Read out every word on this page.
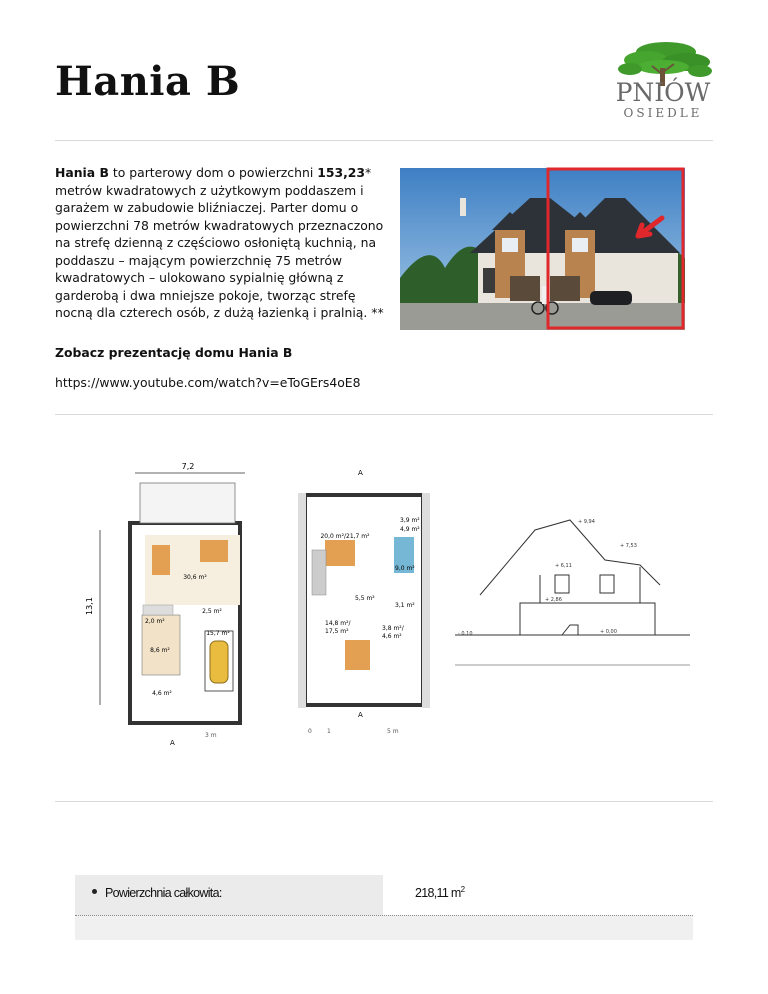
Hania B	PNIÓW
OSIEDLE
Hania B to parterowy dom o powierzchni 153,23* metrów kwadratowych z użytkowym poddaszem i garażem w zabudowie bliźniaczej. Parter domu o powierzchni 78 metrów kwadratowych przeznaczono na strefę dzienną z częściowo osłoniętą kuchnią, na poddaszu – mającym powierzchnię 75 metrów kwadratowych – ulokowano sypialnię główną z garderobą i dwa mniejsze pokoje, tworząc strefę nocną dla czterech osób, z dużą łazienką i pralnią. **
Zobacz prezentację domu Hania B
https://www.youtube.com/watch?v=eToGErs4oE8
7,2
13,1
30,6 m²
8,6 m²
15,7 m²
2,5 m²
2,0 m²
4,6 m²
3 m
A
20,0 m²/21,7 m²
3,9 m²
4,9 m²
9,0 m²
5,5 m²
3,1 m²
14,8 m²/
17,5 m²	3,8 m²/
4,6 m²
0	1	5 m
A
A
+ 9,94
+ 7,53
+ 6,11
+ 2,86
+ 0,00
- 0,10
Powierzchnia całkowita:	218,11 $m^2$
